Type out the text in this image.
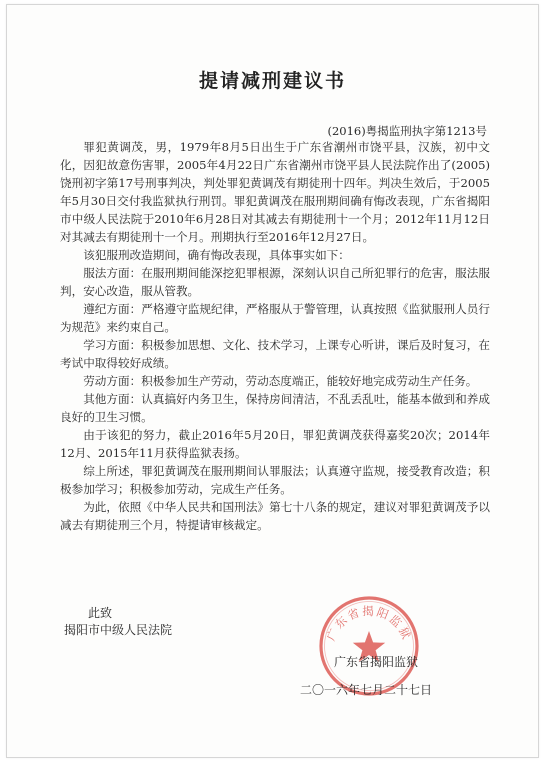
提请减刑建议书
(2016)粤揭监刑执字第1213号

罪犯黄调茂，男，1979年8月5日出生于广东省潮州市饶平县，汉族，初中文化，因犯故意伤害罪，2005年4月22日广东省潮州市饶平县人民法院作出了(2005)饶刑初字第17号刑事判决，判处罪犯黄调茂有期徒刑十四年。判决生效后，于2005年5月30日交付我监狱执行刑罚。罪犯黄调茂在服刑期间确有悔改表现，广东省揭阳市中级人民法院于2010年6月28日对其减去有期徒刑十一个月；2012年11月12日对其减去有期徒刑十一个月。刑期执行至2016年12月27日。

该犯服刑改造期间，确有悔改表现，具体事实如下：

服法方面：在服刑期间能深挖犯罪根源，深刻认识自己所犯罪行的危害，服法服判，安心改造，服从管教。

遵纪方面：严格遵守监规纪律，严格服从于警管理，认真按照《监狱服刑人员行为规范》来约束自己。

学习方面：积极参加思想、文化、技术学习，上课专心听讲，课后及时复习，在考试中取得较好成绩。

劳动方面：积极参加生产劳动，劳动态度端正，能较好地完成劳动生产任务。

其他方面：认真搞好内务卫生，保持房间清洁，不乱丢乱吐，能基本做到和养成良好的卫生习惯。

由于该犯的努力，截止2016年5月20日，罪犯黄调茂获得嘉奖20次；2014年12月、2015年11月获得监狱表扬。

综上所述，罪犯黄调茂在服刑期间认罪服法；认真遵守监规，接受教育改造；积极参加学习；积极参加劳动，完成生产任务。

为此，依照《中华人民共和国刑法》第七十八条的规定，建议对罪犯黄调茂予以减去有期徒刑三个月，特提请审核裁定。

此致
揭阳市中级人民法院	广东省揭阳监狱
广东省揭阳监狱
二〇一六年七月二十七日
